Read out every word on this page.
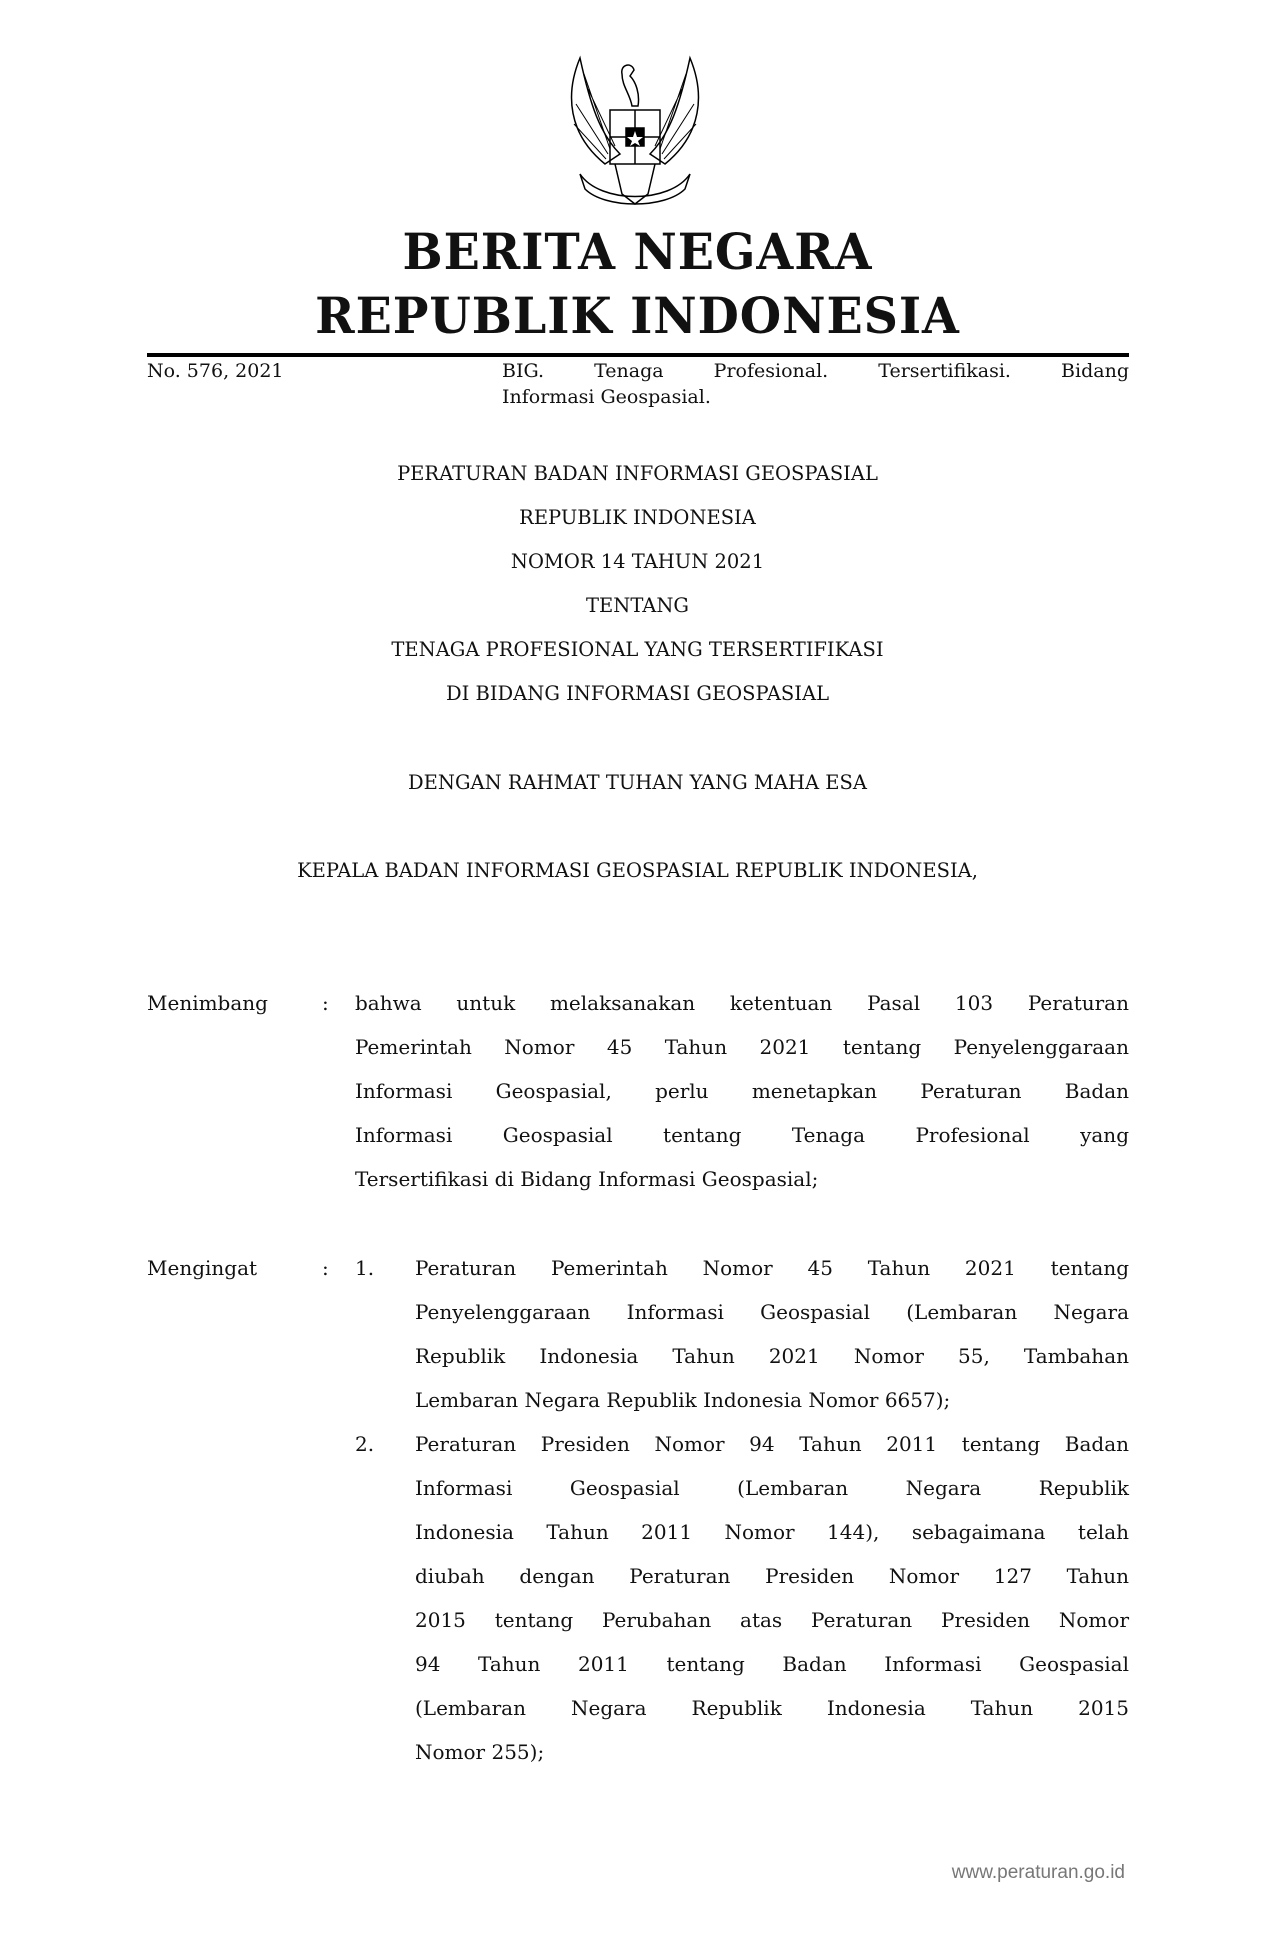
BERITA NEGARA
REPUBLIK INDONESIA
No. 576, 2021	BIG. Tenaga Profesional. Tersertifikasi. Bidang
Informasi Geospasial.
PERATURAN BADAN INFORMASI GEOSPASIAL
REPUBLIK INDONESIA
NOMOR 14 TAHUN 2021
TENTANG
TENAGA PROFESIONAL YANG TERSERTIFIKASI
DI BIDANG INFORMASI GEOSPASIAL
DENGAN RAHMAT TUHAN YANG MAHA ESA
KEPALA BADAN INFORMASI GEOSPASIAL REPUBLIK INDONESIA,
Menimbang	: bahwa untuk melaksanakan ketentuan Pasal 103 Peraturan
Pemerintah Nomor 45 Tahun 2021 tentang Penyelenggaraan
Informasi Geospasial, perlu menetapkan Peraturan Badan
Informasi Geospasial tentang Tenaga Profesional yang
Tersertifikasi di Bidang Informasi Geospasial;
Mengingat	: 1. Peraturan Pemerintah Nomor 45 Tahun 2021 tentang
Penyelenggaraan Informasi Geospasial (Lembaran Negara
Republik Indonesia Tahun 2021 Nomor 55, Tambahan
Lembaran Negara Republik Indonesia Nomor 6657);
2. Peraturan Presiden Nomor 94 Tahun 2011 tentang Badan
Informasi Geospasial (Lembaran Negara Republik
Indonesia Tahun 2011 Nomor 144), sebagaimana telah
diubah dengan Peraturan Presiden Nomor 127 Tahun
2015 tentang Perubahan atas Peraturan Presiden Nomor
94 Tahun 2011 tentang Badan Informasi Geospasial
(Lembaran Negara Republik Indonesia Tahun 2015
Nomor 255);
www.peraturan.go.id
